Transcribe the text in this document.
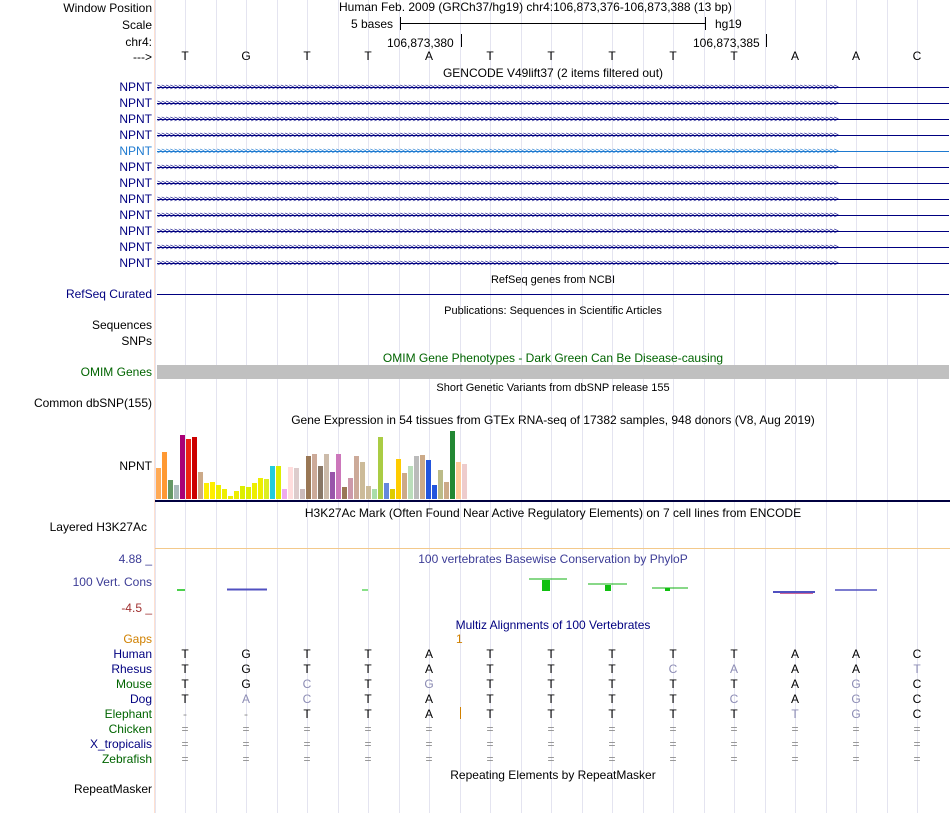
Window Position
Scale
chr4:
--->
Human Feb. 2009 (GRCh37/hg19) chr4:106,873,376-106,873,388 (13 bp)
5 bases	hg19
106,873,380	106,873,385
T	G	T	T	A	T	T	T	T	T	A	A	C
GENCODE V49lift37 (2 items filtered out)
NPNT >>>>>>>>>>>>>>>>>>>>>>>>>>>>>>>>>>>>>>>>>>>>>>>>>>>>>>>>>>>>>>>>>>>>>>>>>>>>>>>>>>>>>>>>>>>>>>>>>>>>>>>>>>>>>>>>>>>>>>>>>>>>>>>>>>>>>>>>>>>>>>>>>>>>>>>>>>>>>>>>
NPNT >>>>>>>>>>>>>>>>>>>>>>>>>>>>>>>>>>>>>>>>>>>>>>>>>>>>>>>>>>>>>>>>>>>>>>>>>>>>>>>>>>>>>>>>>>>>>>>>>>>>>>>>>>>>>>>>>>>>>>>>>>>>>>>>>>>>>>>>>>>>>>>>>>>>>>>>>>>>>>>>
NPNT >>>>>>>>>>>>>>>>>>>>>>>>>>>>>>>>>>>>>>>>>>>>>>>>>>>>>>>>>>>>>>>>>>>>>>>>>>>>>>>>>>>>>>>>>>>>>>>>>>>>>>>>>>>>>>>>>>>>>>>>>>>>>>>>>>>>>>>>>>>>>>>>>>>>>>>>>>>>>>>>
NPNT >>>>>>>>>>>>>>>>>>>>>>>>>>>>>>>>>>>>>>>>>>>>>>>>>>>>>>>>>>>>>>>>>>>>>>>>>>>>>>>>>>>>>>>>>>>>>>>>>>>>>>>>>>>>>>>>>>>>>>>>>>>>>>>>>>>>>>>>>>>>>>>>>>>>>>>>>>>>>>>>
NPNT >>>>>>>>>>>>>>>>>>>>>>>>>>>>>>>>>>>>>>>>>>>>>>>>>>>>>>>>>>>>>>>>>>>>>>>>>>>>>>>>>>>>>>>>>>>>>>>>>>>>>>>>>>>>>>>>>>>>>>>>>>>>>>>>>>>>>>>>>>>>>>>>>>>>>>>>>>>>>>>>
NPNT >>>>>>>>>>>>>>>>>>>>>>>>>>>>>>>>>>>>>>>>>>>>>>>>>>>>>>>>>>>>>>>>>>>>>>>>>>>>>>>>>>>>>>>>>>>>>>>>>>>>>>>>>>>>>>>>>>>>>>>>>>>>>>>>>>>>>>>>>>>>>>>>>>>>>>>>>>>>>>>>
NPNT >>>>>>>>>>>>>>>>>>>>>>>>>>>>>>>>>>>>>>>>>>>>>>>>>>>>>>>>>>>>>>>>>>>>>>>>>>>>>>>>>>>>>>>>>>>>>>>>>>>>>>>>>>>>>>>>>>>>>>>>>>>>>>>>>>>>>>>>>>>>>>>>>>>>>>>>>>>>>>>>
NPNT >>>>>>>>>>>>>>>>>>>>>>>>>>>>>>>>>>>>>>>>>>>>>>>>>>>>>>>>>>>>>>>>>>>>>>>>>>>>>>>>>>>>>>>>>>>>>>>>>>>>>>>>>>>>>>>>>>>>>>>>>>>>>>>>>>>>>>>>>>>>>>>>>>>>>>>>>>>>>>>>
NPNT >>>>>>>>>>>>>>>>>>>>>>>>>>>>>>>>>>>>>>>>>>>>>>>>>>>>>>>>>>>>>>>>>>>>>>>>>>>>>>>>>>>>>>>>>>>>>>>>>>>>>>>>>>>>>>>>>>>>>>>>>>>>>>>>>>>>>>>>>>>>>>>>>>>>>>>>>>>>>>>>
NPNT >>>>>>>>>>>>>>>>>>>>>>>>>>>>>>>>>>>>>>>>>>>>>>>>>>>>>>>>>>>>>>>>>>>>>>>>>>>>>>>>>>>>>>>>>>>>>>>>>>>>>>>>>>>>>>>>>>>>>>>>>>>>>>>>>>>>>>>>>>>>>>>>>>>>>>>>>>>>>>>>
NPNT >>>>>>>>>>>>>>>>>>>>>>>>>>>>>>>>>>>>>>>>>>>>>>>>>>>>>>>>>>>>>>>>>>>>>>>>>>>>>>>>>>>>>>>>>>>>>>>>>>>>>>>>>>>>>>>>>>>>>>>>>>>>>>>>>>>>>>>>>>>>>>>>>>>>>>>>>>>>>>>>
NPNT >>>>>>>>>>>>>>>>>>>>>>>>>>>>>>>>>>>>>>>>>>>>>>>>>>>>>>>>>>>>>>>>>>>>>>>>>>>>>>>>>>>>>>>>>>>>>>>>>>>>>>>>>>>>>>>>>>>>>>>>>>>>>>>>>>>>>>>>>>>>>>>>>>>>>>>>>>>>>>>>
RefSeq genes from NCBI
RefSeq Curated
Publications: Sequences in Scientific Articles
Sequences
SNPs
OMIM Gene Phenotypes - Dark Green Can Be Disease-causing
OMIM Genes
Short Genetic Variants from dbSNP release 155
Common dbSNP(155)
Gene Expression in 54 tissues from GTEx RNA-seq of 17382 samples, 948 donors (V8, Aug 2019)
NPNT
H3K27Ac Mark (Often Found Near Active Regulatory Elements) on 7 cell lines from ENCODE
Layered H3K27Ac
100 vertebrates Basewise Conservation by PhyloP
4.88 _
100 Vert. Cons
-4.5 _
Multiz Alignments of 100 Vertebrates
Gaps	1
Human	T	G	T	T	A	T	T	T	T	T	A	A	C
Rhesus	T	G	T	T	A	T	T	T	C	A	A	A	T
Mouse	T	G	C	T	G	T	T	T	T	T	A	G	C
Dog	T	A	C	T	A	T	T	T	T	C	A	G	C
Elephant	-	-	T	T	A	T	T	T	T	T	T	G	C
Chicken	=	=	=	=	=	=	=	=	=	=	=	=	=
X_tropicalis	=	=	=	=	=	=	=	=	=	=	=	=	=
Zebrafish	=	=	=	=	=	=	=	=	=	=	=	=	=
Repeating Elements by RepeatMasker
RepeatMasker
